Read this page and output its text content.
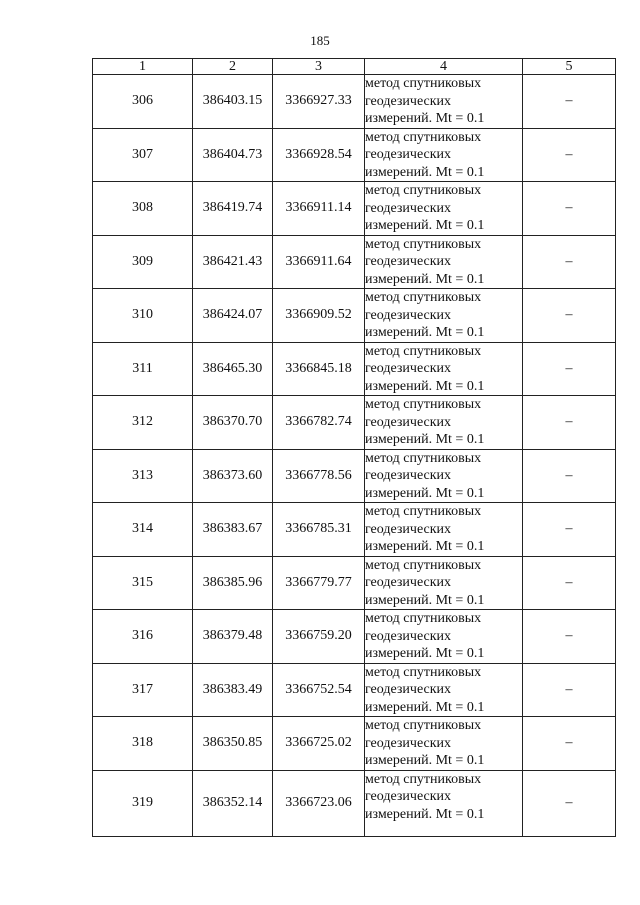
185
1	2	3	4	5
306	386403.15	3366927.33	метод спутниковых
геодезических
измерений. Mt = 0.1	–
307	386404.73	3366928.54	метод спутниковых
геодезических
измерений. Mt = 0.1	–
308	386419.74	3366911.14	метод спутниковых
геодезических
измерений. Mt = 0.1	–
309	386421.43	3366911.64	метод спутниковых
геодезических
измерений. Mt = 0.1	–
310	386424.07	3366909.52	метод спутниковых
геодезических
измерений. Mt = 0.1	–
311	386465.30	3366845.18	метод спутниковых
геодезических
измерений. Mt = 0.1	–
312	386370.70	3366782.74	метод спутниковых
геодезических
измерений. Mt = 0.1	–
313	386373.60	3366778.56	метод спутниковых
геодезических
измерений. Mt = 0.1	–
314	386383.67	3366785.31	метод спутниковых
геодезических
измерений. Mt = 0.1	–
315	386385.96	3366779.77	метод спутниковых
геодезических
измерений. Mt = 0.1	–
316	386379.48	3366759.20	метод спутниковых
геодезических
измерений. Mt = 0.1	–
317	386383.49	3366752.54	метод спутниковых
геодезических
измерений. Mt = 0.1	–
318	386350.85	3366725.02	метод спутниковых
геодезических
измерений. Mt = 0.1	–
319	386352.14	3366723.06	метод спутниковых
геодезических
измерений. Mt = 0.1	–
